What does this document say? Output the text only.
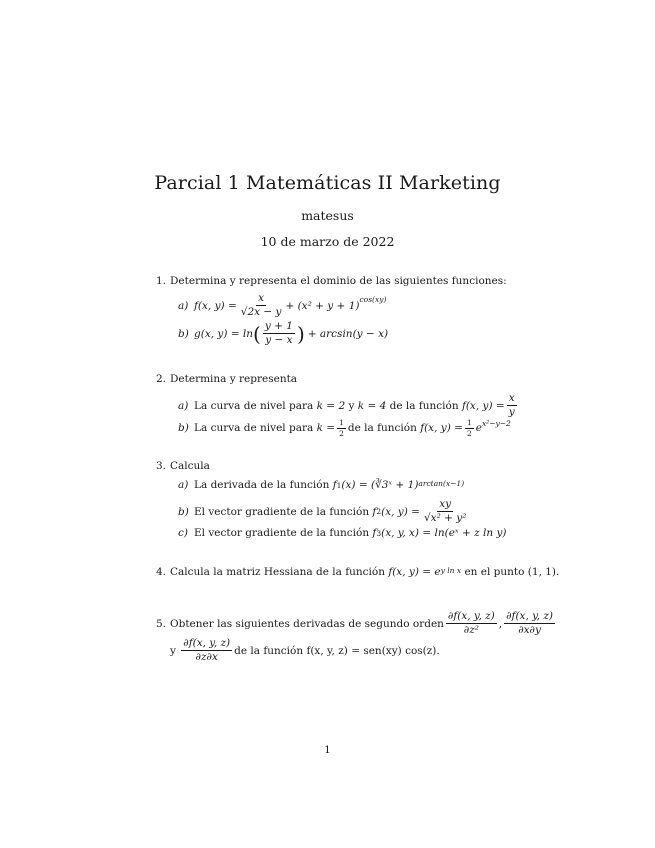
Parcial 1 Matemáticas II Marketing
matesus
10 de marzo de 2022
1. Determina y representa el dominio de las siguientes funciones:
a) f(x, $y) = \frac{x}{√2x - y} + (x^2 + y + 1)$
cos(xy)
b) g(x, y) = ln ( $\frac{y + 1}{y - x}$ ) + arcsin(y − x)
2. Determina y representa
a) La curva de nivel para
k = 2
y
k = 4
de la función
f(x, $y) = \frac{x}{y}$
b) La curva de nivel para
$k = \frac{1}{2}$ de la función
f(x, $y) = \frac{1}{2}$ e x²−y−2
3. Calcula
a) La derivada de la función
f 1 (x) =
(∛3ˣ + 1) arctan(x−1)
b) El vector gradiente de la función
f 2 (x, $y) = \frac{xy}{\text{√x² + y²}}$
c) El vector gradiente de la función
f 3 (x, y, x) = ln(eˣ + z ln y)
4. Calcula la matriz Hessiana de la función
f(x, y) = e y ln x
en el punto (1, 1).
5. Obtener las siguientes derivadas de segundo orden $\frac{\partial f(x, y, z)}{\text{∂z²}}$ , $\frac{\partial f(x, y, z)}{\partial x\partial y}$
y
$\frac{\partial f(x, y, z)}{\partial z\partial x}$ de la función f(x, y, z) = sen(xy) cos(z).
1
